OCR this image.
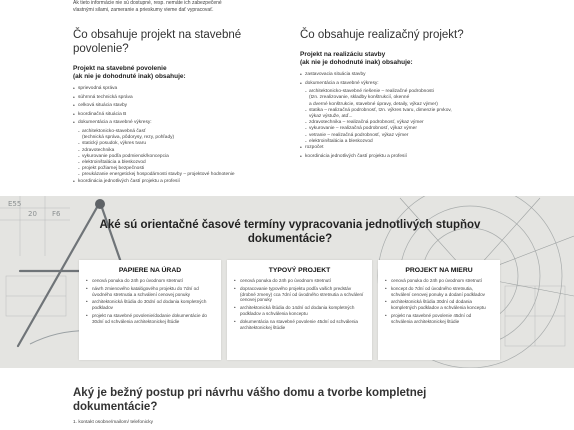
Ak tieto informácie nie sú dostupné, resp. nemáte ich zabezpečené
vlastnými silami, zameranie a prieskumy vieme dať vypracovať.
Čo obsahuje projekt na stavebné povolenie?
Projekt na stavebné povolenie
(ak nie je dohodnuté inak) obsahuje:
• sprievodná správa
• súhrnná technická správa
• celková situácia stavby
• koordinačná situácia B
• dokumentácia a stavebné výkresy:
- architektonicko-stavebná časť
(technická správa, pôdorysy, rezy, pohľady)
- statický posudok, výkres tvaru
- zdravotechnika
- vykurovanie podľa podmienok/koncepcia
- elektroinštalácia a bleskozvod
- projekt požiarnej bezpečnosti
- preukázanie energetickej hospodárnosti stavby – projektové hodnotenie
• koordinácia jednotlivých častí projektu a profesií
Čo obsahuje realizačný projekt?
Projekt na realizáciu stavby
(ak nie je dohodnuté inak) obsahuje:
• zastavovacia situácia stavby
• dokumentácia a stavebné výkresy:
- architektonicko-stavebné riešenie – realizačné podrobnosti
(tzn. zrealizovanie, skladby konštrukcií, okenné
a dverné konštrukcie, stavebné úpravy, detaily, výkaz výmer)
- statika – realizačná podrobnosť, tzn. výkres tvaru, dimenzie prvkov,
výkaz výstuže, atď...
- zdravotechnika – realizačná podrobnosť, výkaz výmer
- vykurovanie – realizačná podrobnosť, výkaz výmer
- vetranie – realizačná podrobnosť, výkaz výmer
- elektroinštalácia a bleskozvod
• rozpočet
• koordinácia jednotlivých častí projektu a profesií
E55
20 F6
Aké sú orientačné časové termíny vypracovania jednotlivých stupňov
dokumentácie?
PAPIERE NA ÚRAD
• cenová ponuka do 24h po úvodnom stretnutí
• návrh zmienového katalógového projektu do 7dní od úvodného stretnutia a schválení cenovej ponuky
• architektonická štúdia do 30dní od dodania kompletných podkladov
• projekt na stavebné povolenie/dodanie dokumentácie do 30dní od schválenia architektonickej štúdie
TYPOVÝ PROJEKT
• cenová ponuka do 24h po úvodnom stretnutí
• dopracovanie typového projektu podľa vašich predstáv (drobné zmeny) cca 7dní od úvodného stretnutia a schválení cenovej ponuky
• architektonická štúdia do 14dní od dodania kompletných podkladov a schválenia konceptu
• dokumentácia na stavebné povolenie 45dní od schválenia architektonickej štúdie
PROJEKT NA MIERU
• cenová ponuka do 24h po úvodnom stretnutí
• koncept do 7dní od úvodného stretnutia, schválení cenovej ponuky a dodaní podkladov
• architektonická štúdia 30dní od dodania kompletných podkladov a schválenia konceptu
• projekt na stavebné povolenie 45dní od schválenia architektonickej štúdie
Aký je bežný postup pri návrhu vášho domu a tvorbe kompletnej
dokumentácie?
1. kontakt osobne/mailom/ telefonicky
